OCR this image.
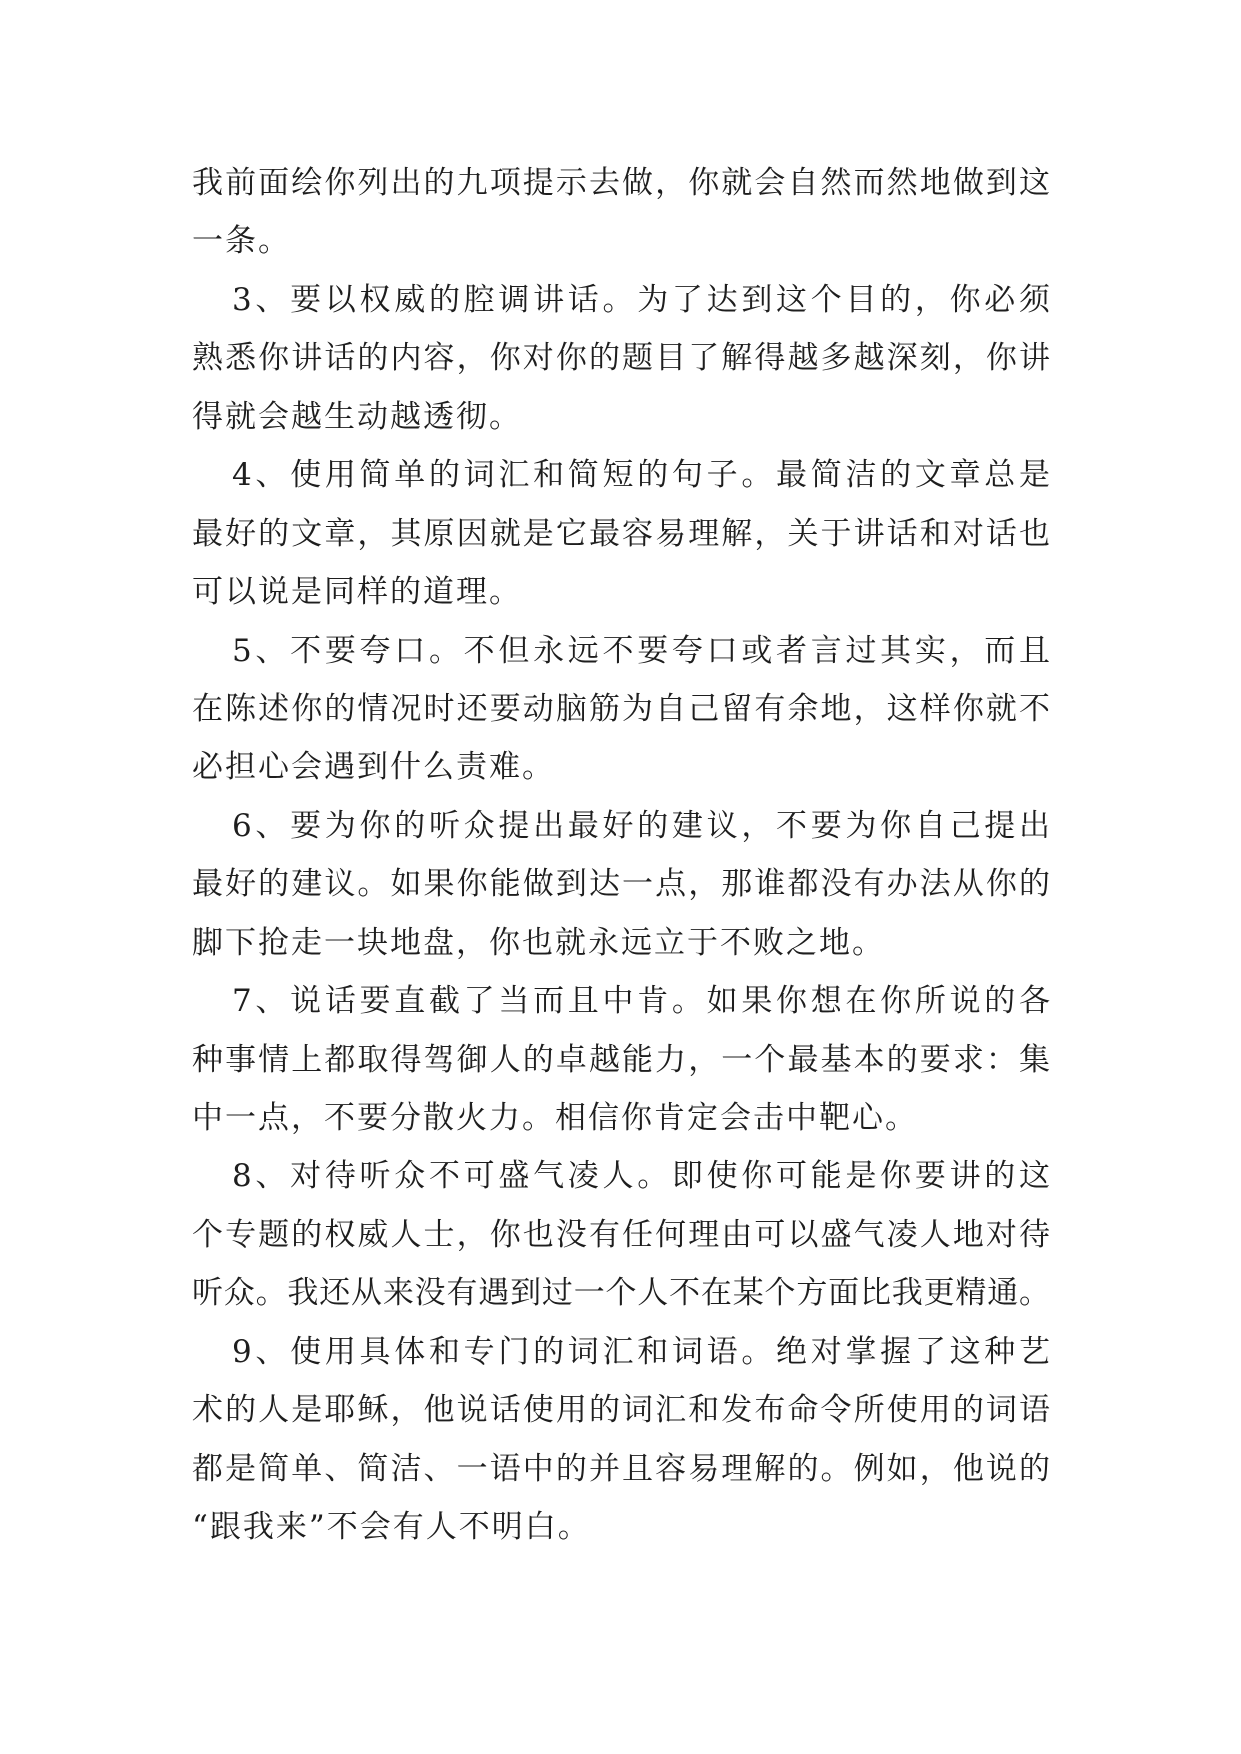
我前面绘你列出的九项提示去做，你就会自然而然地做到这
一条。
3、要以权威的腔调讲话。为了达到这个目的，你必须
熟悉你讲话的内容，你对你的题目了解得越多越深刻，你讲
得就会越生动越透彻。
4、使用简单的词汇和简短的句子。最简洁的文章总是
最好的文章，其原因就是它最容易理解，关于讲话和对话也
可以说是同样的道理。
5、不要夸口。不但永远不要夸口或者言过其实，而且
在陈述你的情况时还要动脑筋为自己留有余地，这样你就不
必担心会遇到什么责难。
6、要为你的听众提出最好的建议，不要为你自己提出
最好的建议。如果你能做到达一点，那谁都没有办法从你的
脚下抢走一块地盘，你也就永远立于不败之地。
7、说话要直截了当而且中肯。如果你想在你所说的各
种事情上都取得驾御人的卓越能力，一个最基本的要求：集
中一点，不要分散火力。相信你肯定会击中靶心。
8、对待听众不可盛气凌人。即使你可能是你要讲的这
个专题的权威人士，你也没有任何理由可以盛气凌人地对待
听众。我还从来没有遇到过一个人不在某个方面比我更精通。
9、使用具体和专门的词汇和词语。绝对掌握了这种艺
术的人是耶稣，他说话使用的词汇和发布命令所使用的词语
都是简单、简洁、一语中的并且容易理解的。例如，他说的
“跟我来”不会有人不明白。
